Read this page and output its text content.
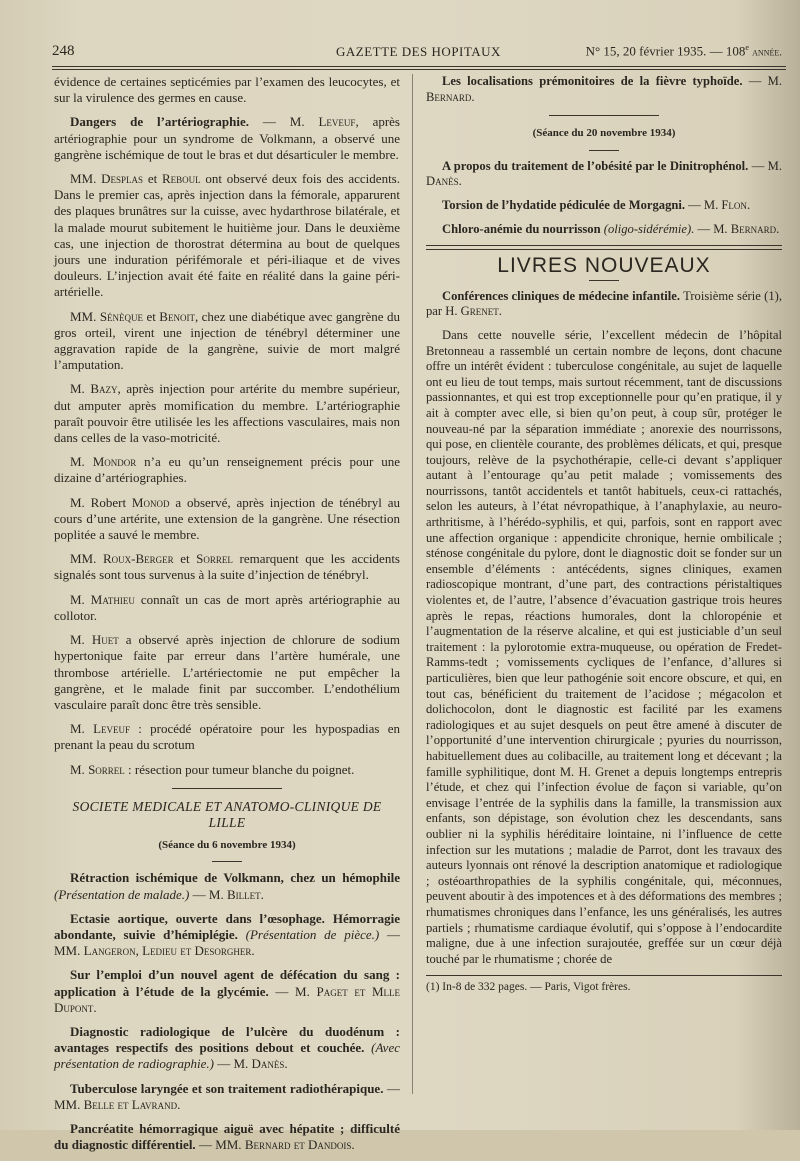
248	GAZETTE DES HOPITAUX	N° 15, 20 février 1935. — 108e année.

évidence de certaines septicémies par l’examen des leucocytes, et sur la virulence des germes en cause.

Dangers de l’artériographie. — M. Leveuf, après artériographie pour un syndrome de Volkmann, a observé une gangrène ischémique de tout le bras et dut désarticuler le membre.

MM. Desplas et Reboul ont observé deux fois des accidents. Dans le premier cas, après injection dans la fémorale, apparurent des plaques brunâtres sur la cuisse, avec hydarthrose bilatérale, et la malade mourut subitement le huitième jour. Dans le deuxième cas, une injection de thorostrat détermina au bout de quelques jours une induration périfémorale et péri-iliaque et de vives douleurs. L’injection avait été faite en réalité dans la gaine péri-artérielle.

MM. Sénèque et Benoit, chez une diabétique avec gangrène du gros orteil, virent une injection de ténébryl déterminer une aggravation rapide de la gangrène, suivie de mort malgré l’amputation.

M. Bazy, après injection pour artérite du membre supérieur, dut amputer après momification du membre. L’artériographie paraît pouvoir être utilisée les les affections vasculaires, mais non dans celles de la vaso-motricité.

M. Mondor n’a eu qu’un renseignement précis pour une dizaine d’artériographies.

M. Robert Monod a observé, après injection de ténébryl au cours d’une artérite, une extension de la gangrène. Une résection poplitée a sauvé le membre.

MM. Roux-Berger et Sorrel remarquent que les accidents signalés sont tous survenus à la suite d’injection de ténébryl.

M. Mathieu connaît un cas de mort après artériographie au collotor.

M. Huet a observé après injection de chlorure de sodium hypertonique faite par erreur dans l’artère humérale, une thrombose artérielle. L’artériectomie ne put empêcher la gangrène, et le malade finit par succomber. L’endothélium vasculaire paraît donc être très sensible.

M. Leveuf : procédé opératoire pour les hypospadias en prenant la peau du scrotum

M. Sorrel : résection pour tumeur blanche du poignet.

SOCIETE MEDICALE ET ANATOMO-CLINIQUE DE LILLE
(Séance du 6 novembre 1934)

Rétraction ischémique de Volkmann, chez un hémophile (Présentation de malade.) — M. Billet.

Ectasie aortique, ouverte dans l’œsophage. Hémorragie abondante, suivie d’hémiplégie. (Présentation de pièce.) — MM. Langeron, Ledieu et Desorgher.

Sur l’emploi d’un nouvel agent de défécation du sang : application à l’étude de la glycémie. — M. Paget et Mlle Dupont.

Diagnostic radiologique de l’ulcère du duodénum : avantages respectifs des positions debout et couchée. (Avec présentation de radiographie.) — M. Danès.

Tuberculose laryngée et son traitement radiothérapique. — MM. Belle et Lavrand.

Pancréatite hémorragique aiguë avec hépatite ; difficulté du diagnostic différentiel. — MM. Bernard et Dandois.

Les localisations prémonitoires de la fièvre typhoïde. — M. Bernard.

(Séance du 20 novembre 1934)

A propos du traitement de l’obésité par le Dinitrophénol. — M. Danès.

Torsion de l’hydatide pédiculée de Morgagni. — M. Flon.

Chloro-anémie du nourrisson (oligo-sidérémie). — M. Bernard.

LIVRES NOUVEAUX

Conférences cliniques de médecine infantile. Troisième série (1), par H. Grenet.

Dans cette nouvelle série, l’excellent médecin de l’hôpital Bretonneau a rassemblé un certain nombre de leçons, dont chacune offre un intérêt évident : tuberculose congénitale, au sujet de laquelle ont eu lieu de tout temps, mais surtout récemment, tant de discussions passionnantes, et qui est trop exceptionnelle pour qu’en pratique, il y ait à compter avec elle, si bien qu’on peut, à coup sûr, protéger le nouveau-né par la séparation immédiate ; anorexie des nourrissons, qui pose, en clientèle courante, des problèmes délicats, et qui, presque toujours, relève de la psychothérapie, celle-ci devant s’appliquer autant à l’entourage qu’au petit malade ; vomissements des nourrissons, tantôt accidentels et tantôt habituels, ceux-ci rattachés, selon les auteurs, à l’état névropathique, à l’anaphylaxie, au neuro-arthritisme, à l’hérédo-syphilis, et qui, parfois, sont en rapport avec une affection organique : appendicite chronique, hernie ombilicale ; sténose congénitale du pylore, dont le diagnostic doit se fonder sur un ensemble d’éléments : antécédents, signes cliniques, examen radioscopique montrant, d’une part, des contractions péristaltiques violentes et, de l’autre, l’absence d’évacuation gastrique trois heures après le repas, réactions humorales, dont la chloropénie et l’augmentation de la réserve alcaline, et qui est justiciable d’un seul traitement : la pylorotomie extra-muqueuse, ou opération de Fredet-Ramms-tedt ; vomissements cycliques de l’enfance, d’allures si particulières, bien que leur pathogénie soit encore obscure, et qui, en tout cas, bénéficient du traitement de l’acidose ; mégacolon et dolichocolon, dont le diagnostic est facilité par les examens radiologiques et au sujet desquels on peut être amené à discuter de l’opportunité d’une intervention chirurgicale ; pyuries du nourrisson, habituellement dues au colibacille, au traitement long et décevant ; la famille syphilitique, dont M. H. Grenet a depuis longtemps entrepris l’étude, et chez qui l’infection évolue de façon si variable, qu’on envisage l’entrée de la syphilis dans la famille, la transmission aux enfants, son dépistage, son évolution chez les descendants, sans oublier ni la syphilis héréditaire lointaine, ni l’influence de cette infection sur les mutations ; maladie de Parrot, dont les travaux des auteurs lyonnais ont rénové la description anatomique et radiologique ; ostéoarthropathies de la syphilis congénitale, qui, méconnues, peuvent aboutir à des impotences et à des déformations des membres ; rhumatismes chroniques dans l’enfance, les uns généralisés, les autres partiels ; rhumatisme cardiaque évolutif, qui s’oppose à l’endocardite maligne, due à une infection surajoutée, greffée sur un cœur déjà touché par le rhumatisme ; chorée de

(1) In-8 de 332 pages. — Paris, Vigot frères.
